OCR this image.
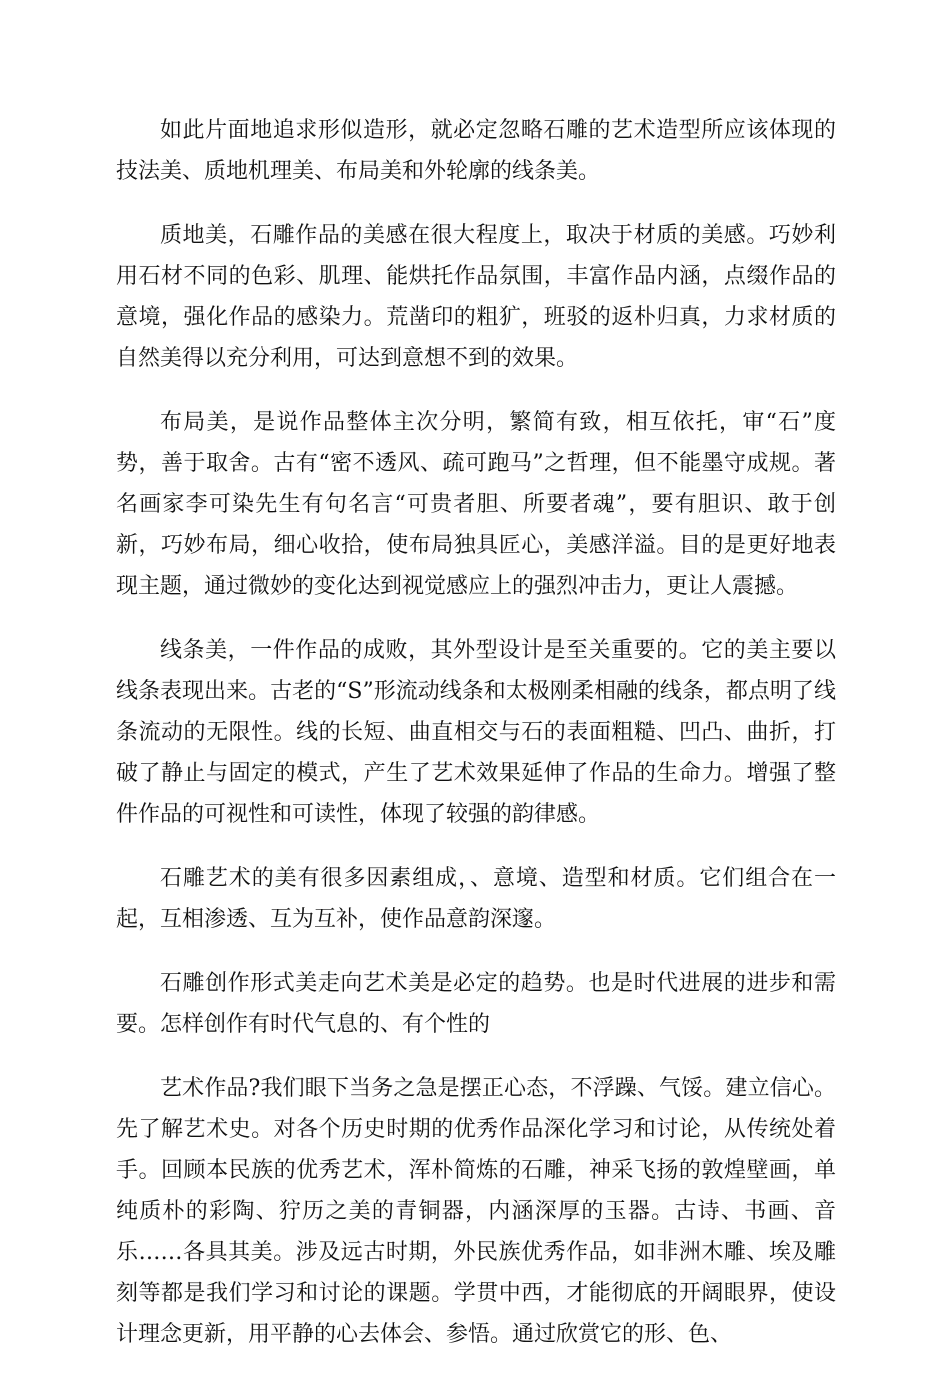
如此片面地追求形似造形，就必定忽略石雕的艺术造型所应该体现的技法美、质地机理美、布局美和外轮廓的线条美。

质地美，石雕作品的美感在很大程度上，取决于材质的美感。巧妙利用石材不同的色彩、肌理、能烘托作品氛围，丰富作品内涵，点缀作品的意境，强化作品的感染力。荒凿印的粗犷，班驳的返朴归真，力求材质的自然美得以充分利用，可达到意想不到的效果。

布局美，是说作品整体主次分明，繁简有致，相互依托，审“石”度势，善于取舍。古有“密不透风、疏可跑马”之哲理，但不能墨守成规。著名画家李可染先生有句名言“可贵者胆、所要者魂”，要有胆识、敢于创新，巧妙布局，细心收拾，使布局独具匠心，美感洋溢。目的是更好地表现主题，通过微妙的变化达到视觉感应上的强烈冲击力，更让人震撼。

线条美，一件作品的成败，其外型设计是至关重要的。它的美主要以线条表现出来。古老的“S”形流动线条和太极刚柔相融的线条，都点明了线条流动的无限性。线的长短、曲直相交与石的表面粗糙、凹凸、曲折，打破了静止与固定的模式，产生了艺术效果延伸了作品的生命力。增强了整件作品的可视性和可读性，体现了较强的韵律感。

石雕艺术的美有很多因素组成，、意境、造型和材质。它们组合在一起，互相渗透、互为互补，使作品意韵深邃。

石雕创作形式美走向艺术美是必定的趋势。也是时代进展的进步和需要。怎样创作有时代气息的、有个性的

艺术作品?我们眼下当务之急是摆正心态，不浮躁、气馁。建立信心。先了解艺术史。对各个历史时期的优秀作品深化学习和讨论，从传统处着手。回顾本民族的优秀艺术，浑朴简炼的石雕，神采飞扬的敦煌壁画，单纯质朴的彩陶、狞历之美的青铜器，内涵深厚的玉器。古诗、书画、音乐……各具其美。涉及远古时期，外民族优秀作品，如非洲木雕、埃及雕刻等都是我们学习和讨论的课题。学贯中西，才能彻底的开阔眼界，使设计理念更新，用平静的心去体会、参悟。通过欣赏它的形、色、
